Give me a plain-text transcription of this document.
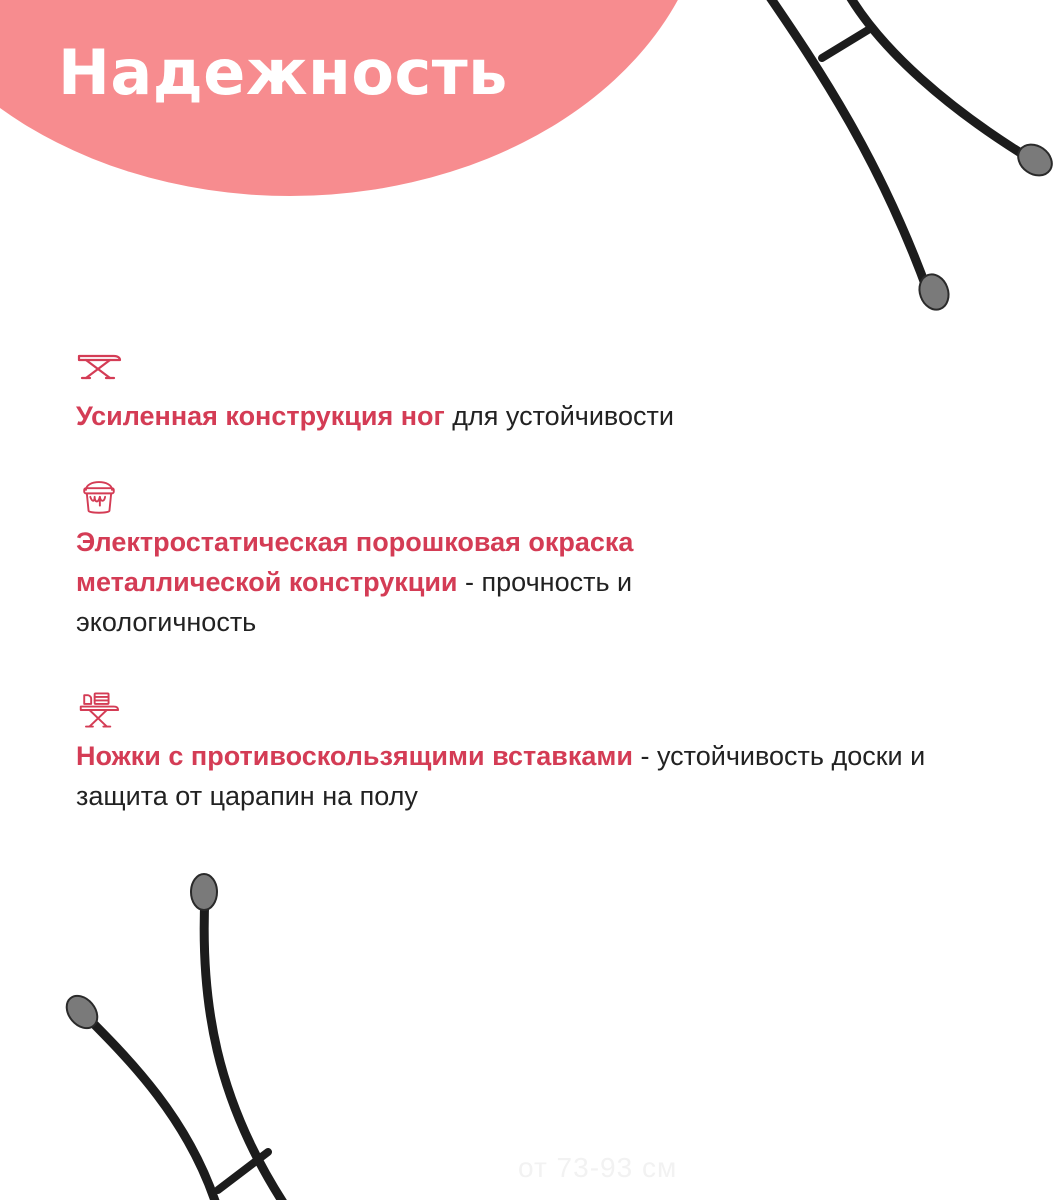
Надежность

Усиленная конструкция ног для устойчивости

Электростатическая порошковая окраска металлической конструкции - прочность и экологичность

Ножки с противоскользящими вставками - устойчивость доски и защита от царапин на полу

от 73-93 см
